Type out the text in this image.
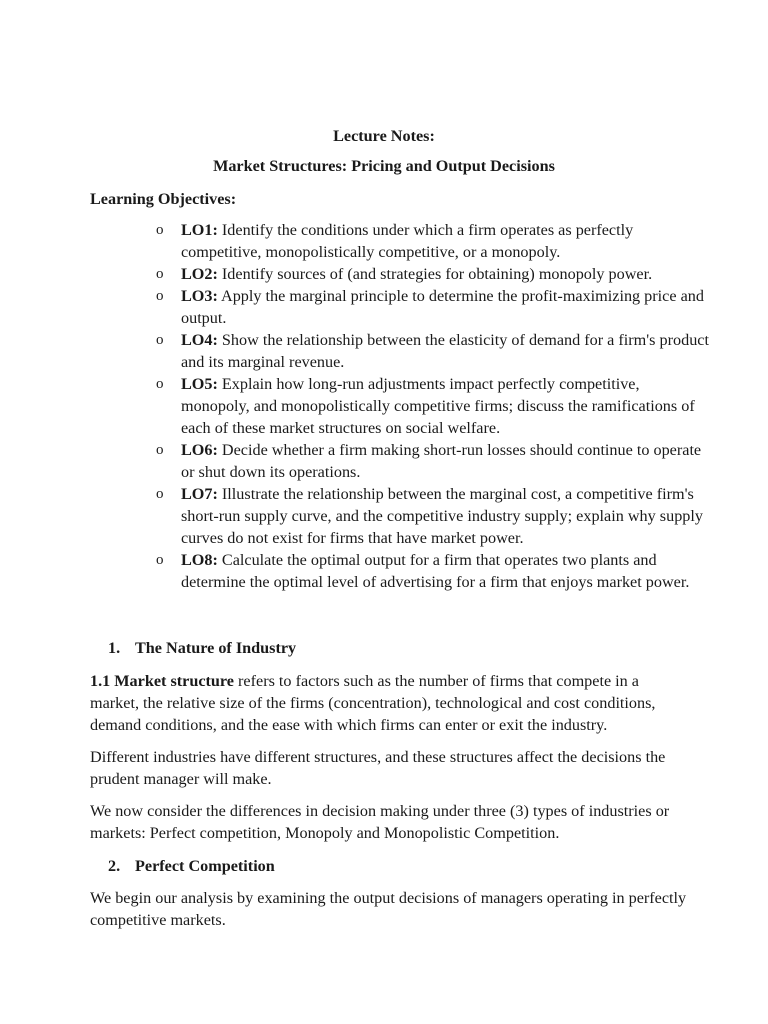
Lecture Notes:
Market Structures: Pricing and Output Decisions
Learning Objectives:
o LO1: Identify the conditions under which a firm operates as perfectly competitive, monopolistically competitive, or a monopoly.
o LO2: Identify sources of (and strategies for obtaining) monopoly power.
o LO3: Apply the marginal principle to determine the profit-maximizing price and output.
o LO4: Show the relationship between the elasticity of demand for a firm's product and its marginal revenue.
o LO5: Explain how long-run adjustments impact perfectly competitive, monopoly, and monopolistically competitive firms; discuss the ramifications of each of these market structures on social welfare.
o LO6: Decide whether a firm making short-run losses should continue to operate or shut down its operations.
o LO7: Illustrate the relationship between the marginal cost, a competitive firm's short-run supply curve, and the competitive industry supply; explain why supply curves do not exist for firms that have market power.
o LO8: Calculate the optimal output for a firm that operates two plants and determine the optimal level of advertising for a firm that enjoys market power.
1. The Nature of Industry

1.1 Market structure refers to factors such as the number of firms that compete in a market, the relative size of the firms (concentration), technological and cost conditions, demand conditions, and the ease with which firms can enter or exit the industry.

Different industries have different structures, and these structures affect the decisions the prudent manager will make.

We now consider the differences in decision making under three (3) types of industries or markets: Perfect competition, Monopoly and Monopolistic Competition.

2. Perfect Competition

We begin our analysis by examining the output decisions of managers operating in perfectly competitive markets.
